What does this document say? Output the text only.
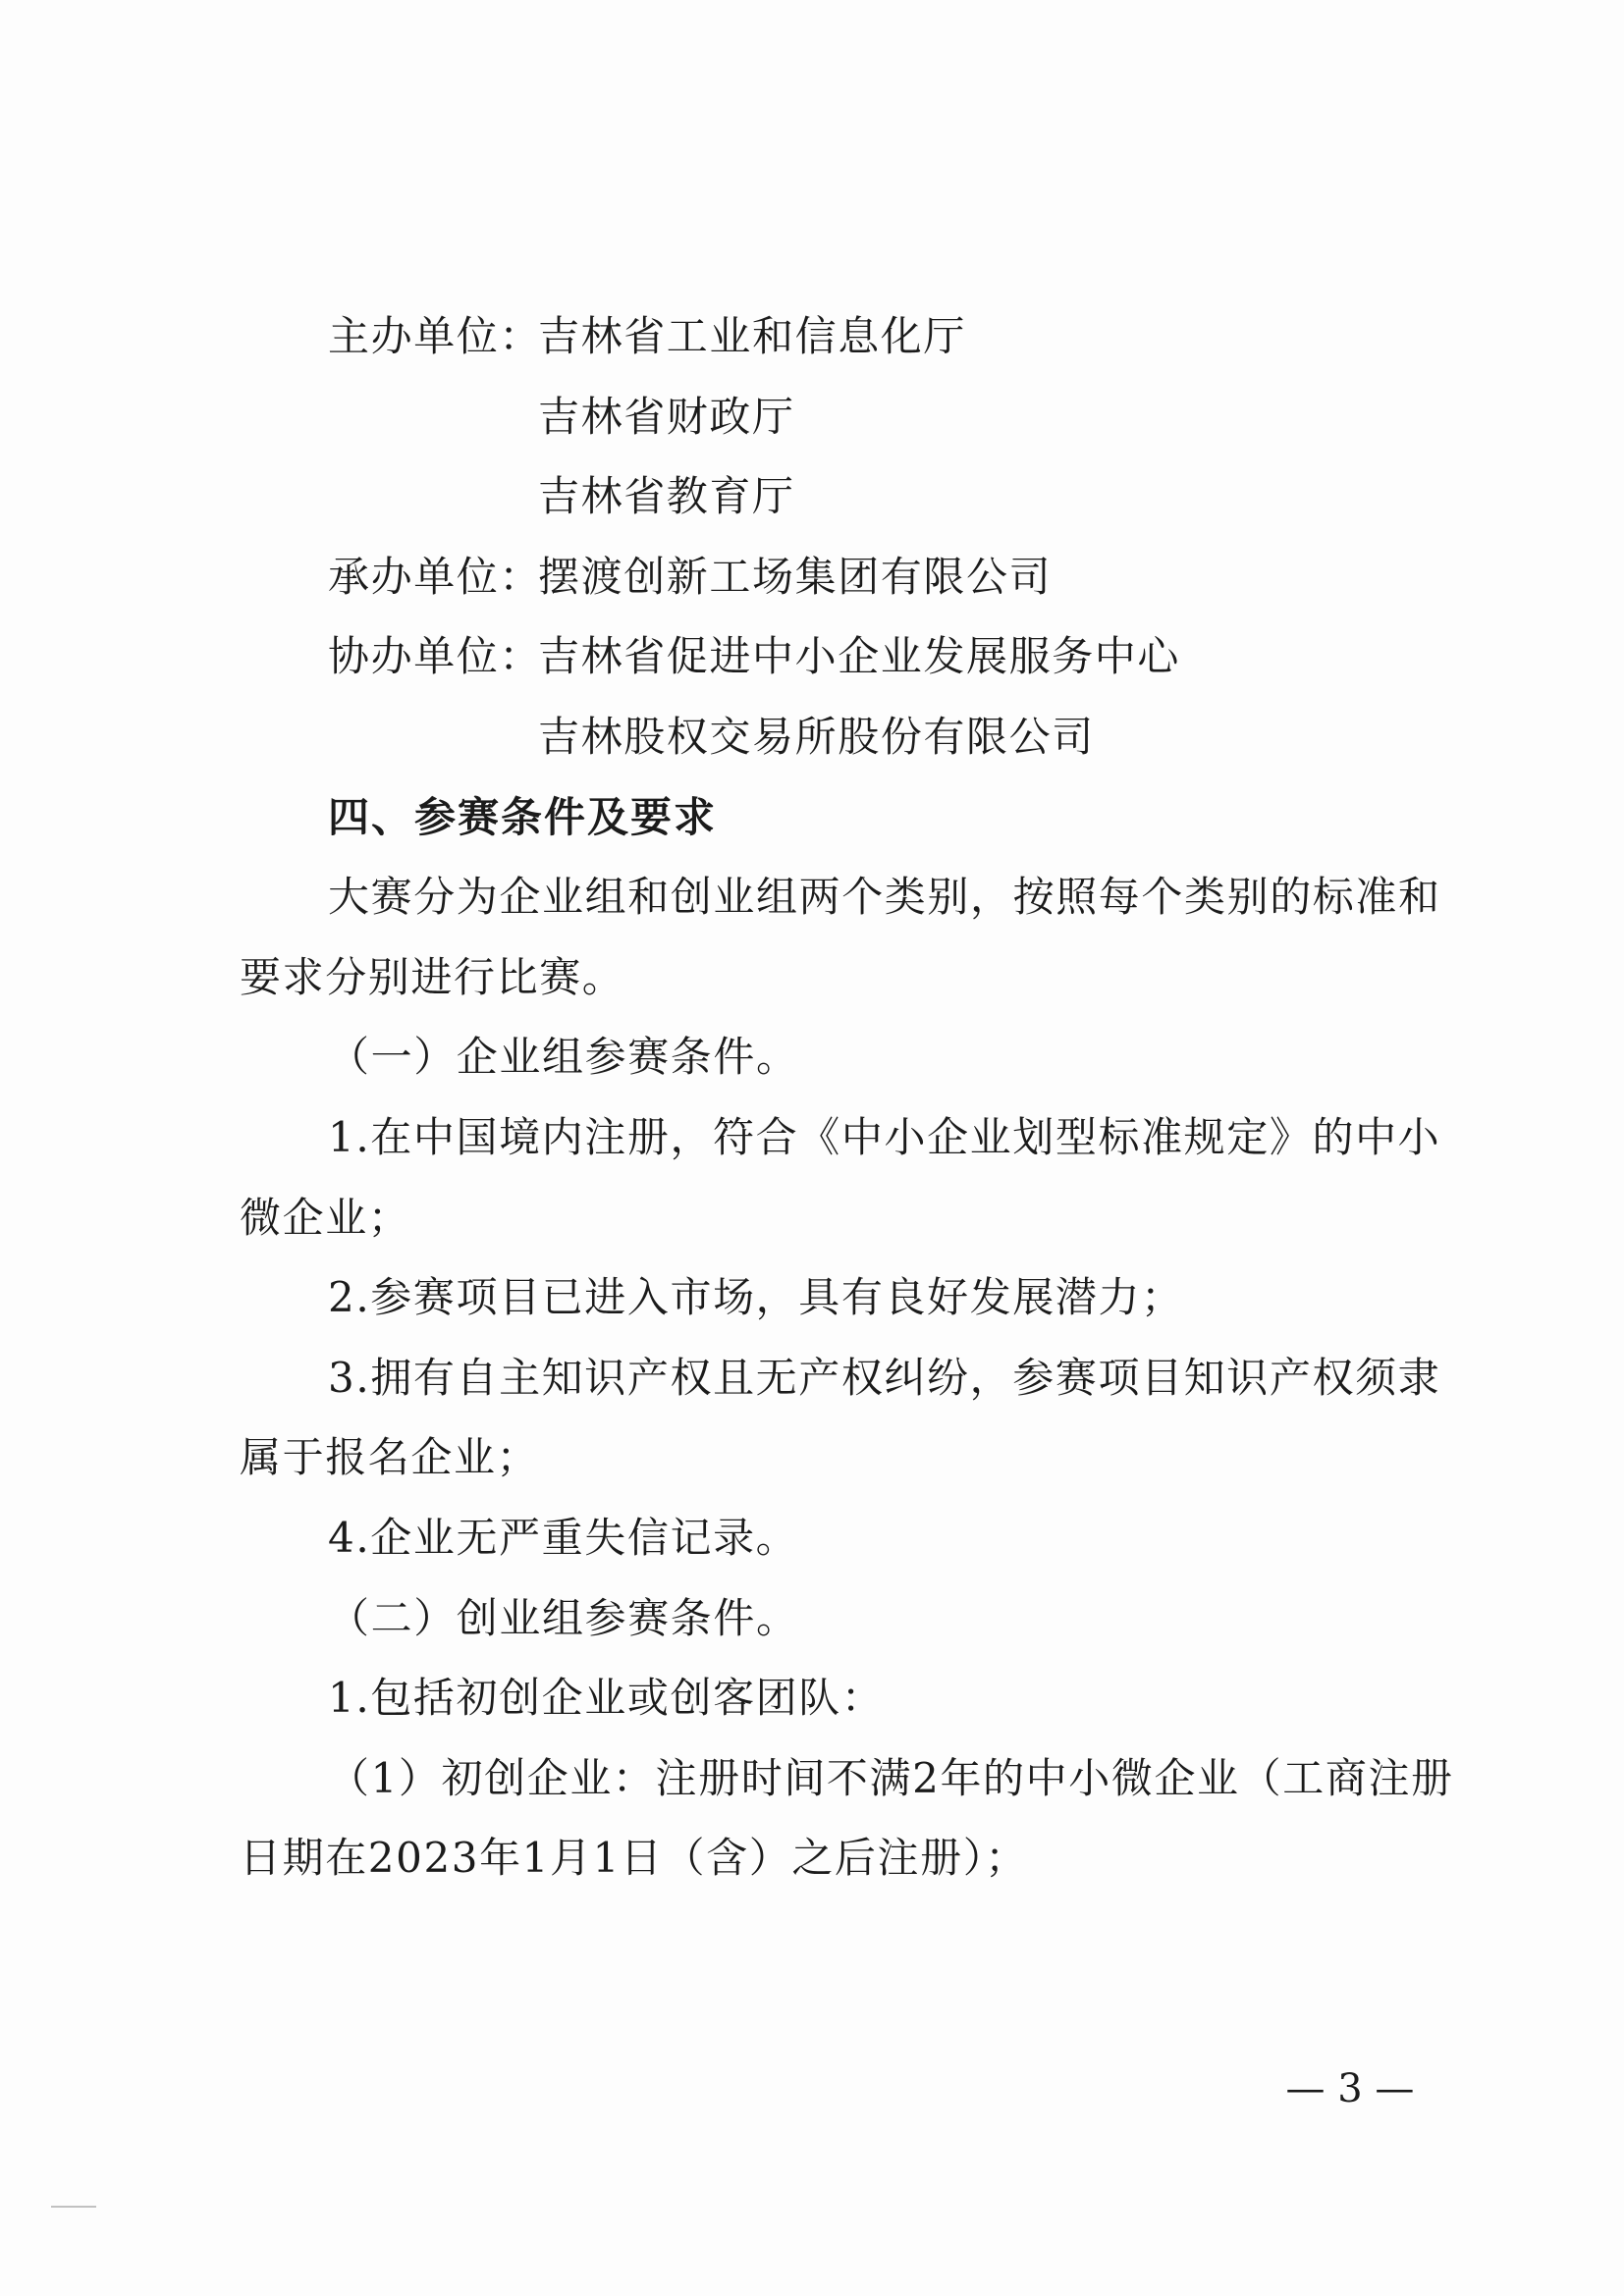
主办单位：
吉林省工业和信息化厅
吉林省财政厅
吉林省教育厅
承办单位：
摆渡创新工场集团有限公司
协办单位：
吉林省促进中小企业发展服务中心
吉林股权交易所股份有限公司
四、参赛条件及要求
大赛分为企业组和创业组两个类别，按照每个类别的标准和
要求分别进行比赛。
（一）企业组参赛条件。
1.在中国境内注册，符合《中小企业划型标准规定》的中小
微企业；
2.参赛项目已进入市场，具有良好发展潜力；
3.拥有自主知识产权且无产权纠纷，参赛项目知识产权须隶
属于报名企业；
4.企业无严重失信记录。
（二）创业组参赛条件。
1.包括初创企业或创客团队：
（1）初创企业：注册时间不满2年的中小微企业（工商注册
日期在2023年1月1日（含）之后注册）；
— 3 —
